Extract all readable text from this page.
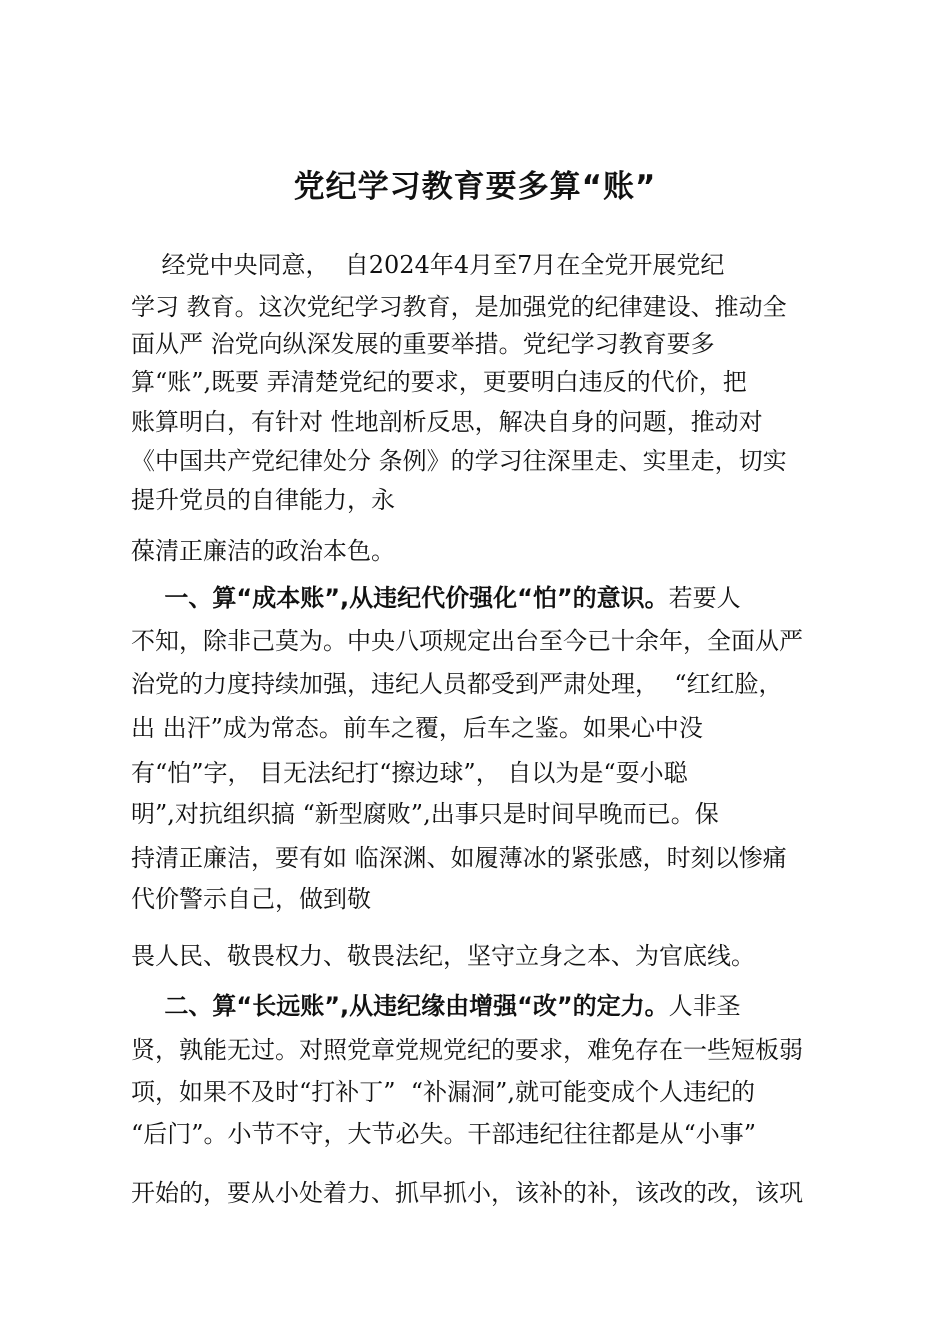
党纪学习教育要多算“账”

经党中央同意，  自2024年4月至7月在全党开展党纪

学习 教育。这次党纪学习教育，是加强党的纪律建设、推动全

面从严 治党向纵深发展的重要举措。党纪学习教育要多

算“账”,既要 弄清楚党纪的要求，更要明白违反的代价，把

账算明白，有针对 性地剖析反思，解决自身的问题，推动对

《中国共产党纪律处分 条例》的学习往深里走、实里走，切实

提升党员的自律能力，永

葆清正廉洁的政治本色。

一、算“成本账”,从违纪代价强化“怕”的意识。若要人

不知，除非己莫为。中央八项规定出台至今已十余年，全面从严

治党的力度持续加强，违纪人员都受到严肃处理，  “红红脸，

出 出汗”成为常态。前车之覆，后车之鉴。如果心中没

有“怕”字， 目无法纪打“擦边球”， 自以为是“耍小聪

明”,对抗组织搞 “新型腐败”,出事只是时间早晚而已。保

持清正廉洁，要有如 临深渊、如履薄冰的紧张感，时刻以惨痛

代价警示自己，做到敬

畏人民、敬畏权力、敬畏法纪，坚守立身之本、为官底线。

二、算“长远账”,从违纪缘由增强“改”的定力。人非圣

贤，孰能无过。对照党章党规党纪的要求，难免存在一些短板弱

项，如果不及时“打补丁”  “补漏洞”,就可能变成个人违纪的

“后门”。小节不守，大节必失。干部违纪往往都是从“小事”

开始的，要从小处着力、抓早抓小，该补的补，该改的改，该巩
